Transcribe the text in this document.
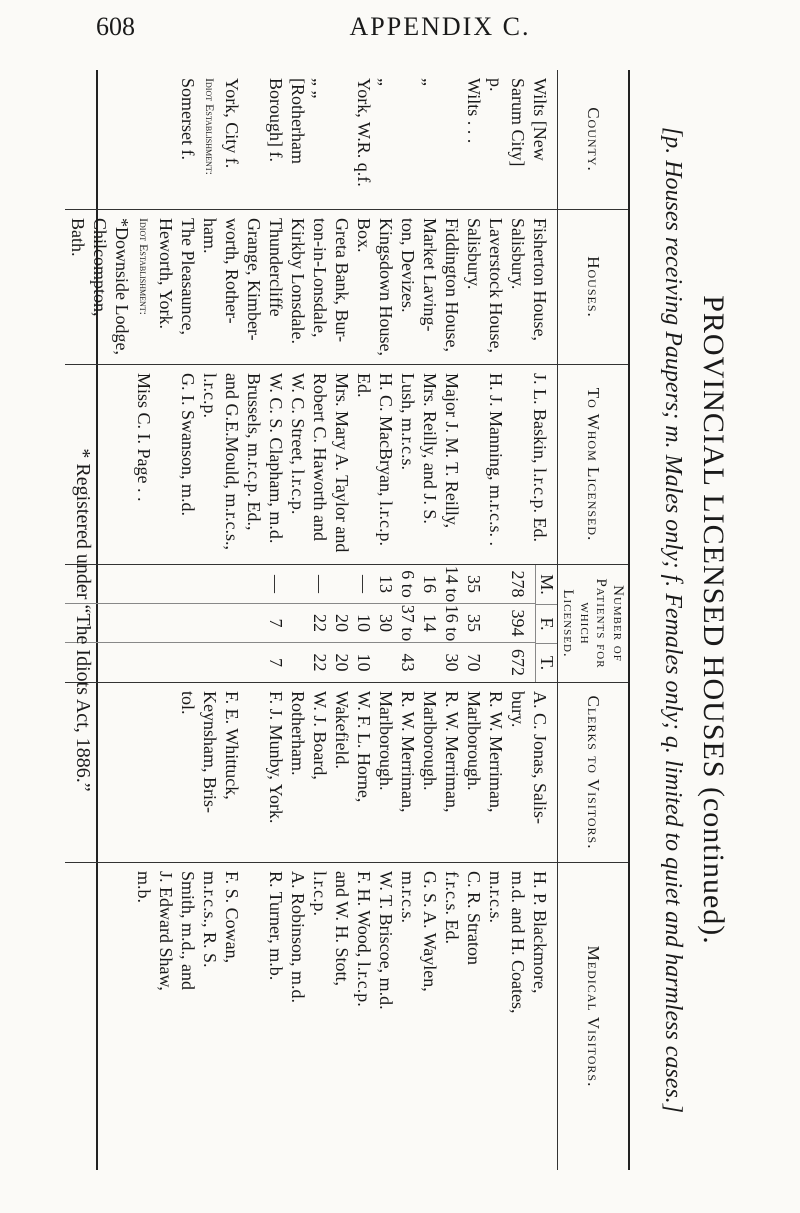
608	APPENDIX C.
PROVINCIAL LICENSED HOUSES (continued).
[p. Houses receiving Paupers; m. Males only; f. Females only; q. limited to quiet and harmless cases.]
County.
Wilts [New Sarum City]
p.
Wilts . . .
„
„
York, W.R. q.f.
„ „
[Rotherham Borough] f.
York, City f.
Idiot Establishment:
Somerset f.
Houses.
Fisherton House, Salisbury.
Laverstock House, Salisbury.
Fiddington House, Market Laving-
ton, Devizes.
Kingsdown House, Box.
Greta Bank, Bur-
ton-in-Lonsdale,
Kirkby Lonsdale.
Thundercliffe
Grange, Kimber-
worth, Rother-
ham.
The Pleasaunce,
Heworth, York.
Idiot Establishment:
*Downside Lodge,
Chilcompton,
Bath.
To Whom Licensed.
J. L. Baskin, l.r.c.p. Ed.
H. J. Manning, m.r.c.s. .
Major J. M. T. Reilly,
Mrs. Reilly, and J. S.
Lush, m.r.c.s.
H. C. MacBryan, l.r.c.p.
Ed.
Mrs. Mary A. Taylor and
Robert C. Haworth and
W. C. Street, l.r.c.p.
W. C. S. Clapham, m.d.
Brussels, m.r.c.p. Ed.,
and G.E.Mould, m.r.c.s.,
l.r.c.p.
G. I. Swanson, m.d.
Miss C. I. Page . .
Number of Patients for which Licensed.
M.
F.
T.

278

35

14 to

16

6 to

13

—

—

—

394

35

16 to

14

37 to

30

10

20

22

7

672

70

30

43

10

20

22

7

Clerks to Visitors.
A. C. Jonas, Salis-
bury.
R. W. Merriman,
Marlborough.
R. W. Merriman,
Marlborough.
R. W. Merriman,
Marlborough.
W. F. L. Horne,
Wakefield.
W. J. Board,
Rotherham.
F. J. Munby, York.
F. E. Whittuck,
Keynsham, Bris-
tol.
Medical Visitors.
H. P. Blackmore,
m.d. and H. Coates,
m.r.c.s.
C. R. Straton
f.r.c.s. Ed.
G. S. A. Waylen,
m.r.c.s.
W. T. Briscoe, m.d.
F. H. Wood, l.r.c.p.
and W. H. Stott,
l.r.c.p.
A. Robinson, m.d.
R. Turner, m.b.
F. S. Cowan,
m.r.c.s., R. S.
Smith, m.d., and
J. Edward Shaw,
m.b.
* Registered under “The Idiots Act, 1886.”
